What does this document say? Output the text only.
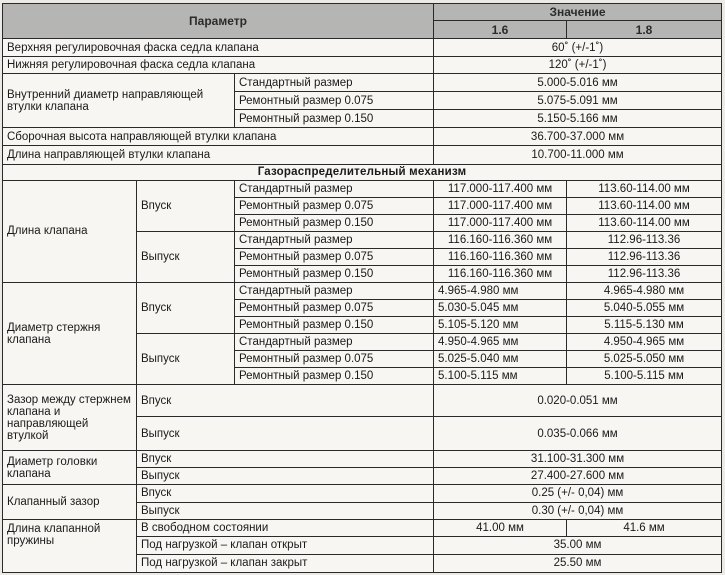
Параметр			Значение	
			1.6	1.8
Верхняя регулировочная фаска седла клапана			60˚ (+/-1˚)	
Нижняя регулировочная фаска седла клапана			120˚ (+/-1˚)	
Внутренний диаметр направляющей втулки клапана		Стандартный размер	5.000-5.016 мм	
		Ремонтный размер 0.075	5.075-5.091 мм	
		Ремонтный размер 0.150	5.150-5.166 мм	
Сборочная высота направляющей втулки клапана			36.700-37.000 мм	
Длина направляющей втулки клапана			10.700-11.000 мм	
Газораспределительный механизм				
Длина клапана	Впуск	Стандартный размер	117.000-117.400 мм	113.60-114.00 мм
		Ремонтный размер 0.075	117.000-117.400 мм	113.60-114.00 мм
		Ремонтный размер 0.150	117.000-117.400 мм	113.60-114.00 мм
	Выпуск	Стандартный размер	116.160-116.360 мм	112.96-113.36
		Ремонтный размер 0.075	116.160-116.360 мм	112.96-113.36
		Ремонтный размер 0.150	116.160-116.360 мм	112.96-113.36
Диаметр стержня клапана	Впуск	Стандартный размер	4.965-4.980 мм	4.965-4.980 мм
		Ремонтный размер 0.075	5.030-5.045 мм	5.040-5.055 мм
		Ремонтный размер 0.150	5.105-5.120 мм	5.115-5.130 мм
	Выпуск	Стандартный размер	4.950-4.965 мм	4.950-4.965 мм
		Ремонтный размер 0.075	5.025-5.040 мм	5.025-5.050 мм
		Ремонтный размер 0.150	5.100-5.115 мм	5.100-5.115 мм
Зазор между стержнем клапана и направляющей втулкой	Впуск		0.020-0.051 мм	
	Выпуск		0.035-0.066 мм	
Диаметр головки клапана	Впуск		31.100-31.300 мм	
	Выпуск		27.400-27.600 мм	
Клапанный зазор	Впуск		0.25 (+/- 0,04) мм	
	Выпуск		0.30 (+/- 0,04) мм	
Длина клапанной пружины	В свободном состоянии		41.00 мм	41.6 мм
	Под нагрузкой – клапан открыт		35.00 мм	
	Под нагрузкой – клапан закрыт		25.50 мм	
